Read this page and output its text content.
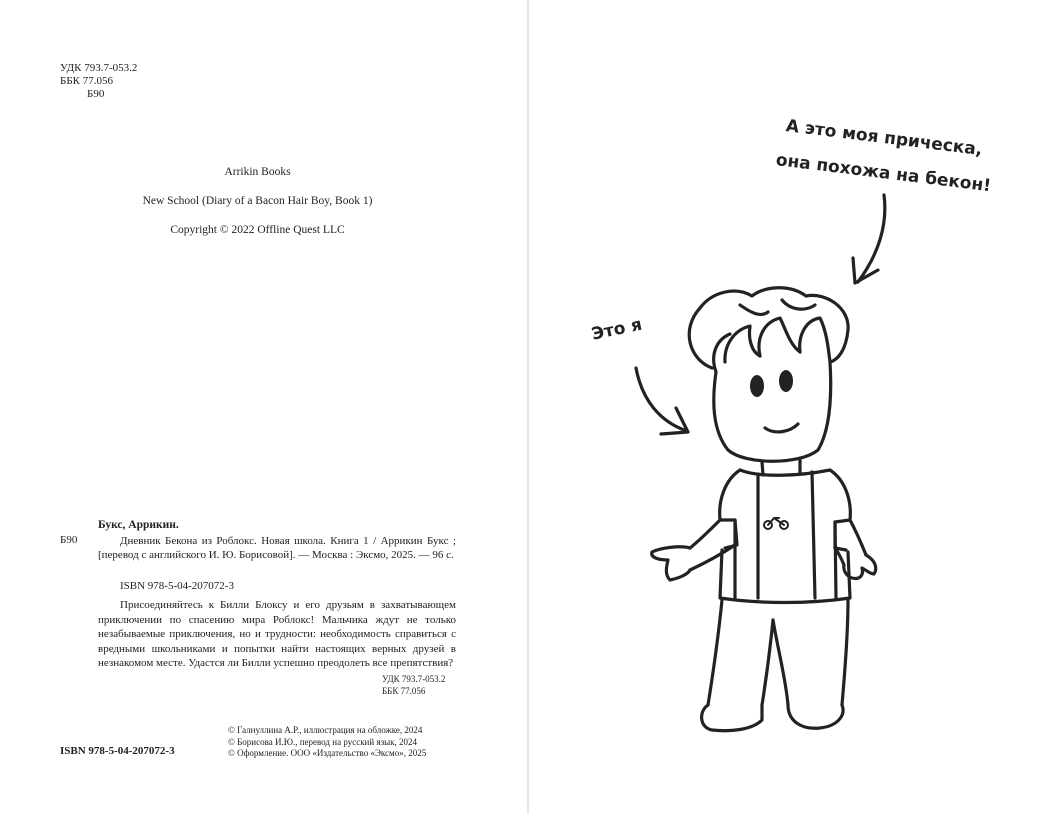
УДК 793.7-053.2
ББК 77.056
Б90
Arrikin Books
New School (Diary of a Bacon Hair Boy, Book 1)
Copyright © 2022 Offline Quest LLC
Букс, Аррикин.
Б90	Дневник Бекона из Роблокс. Новая школа. Книга 1 / Аррикин Букс ; [перевод с английского И. Ю. Борисовой]. — Москва : Эксмо, 2025. — 96 с.
ISBN 978-5-04-207072-3
Присоединяйтесь к Билли Блоксу и его друзьям в захватывающем приключении по спасению мира Роблокс! Мальчика ждут не только незабываемые приключения, но и трудности: необходимость справиться с вредными школьниками и попытки найти настоящих верных друзей в незнакомом месте. Удастся ли Билли успешно преодолеть все препятствия?
УДК 793.7-053.2
ББК 77.056
© Галнуллина А.Р., иллюстрация на обложке, 2024
© Борисова И.Ю., перевод на русский язык, 2024
© Оформление. ООО «Издательство «Эксмо», 2025
ISBN 978-5-04-207072-3
А это моя прическа,
она похожа на бекон!
Это я
